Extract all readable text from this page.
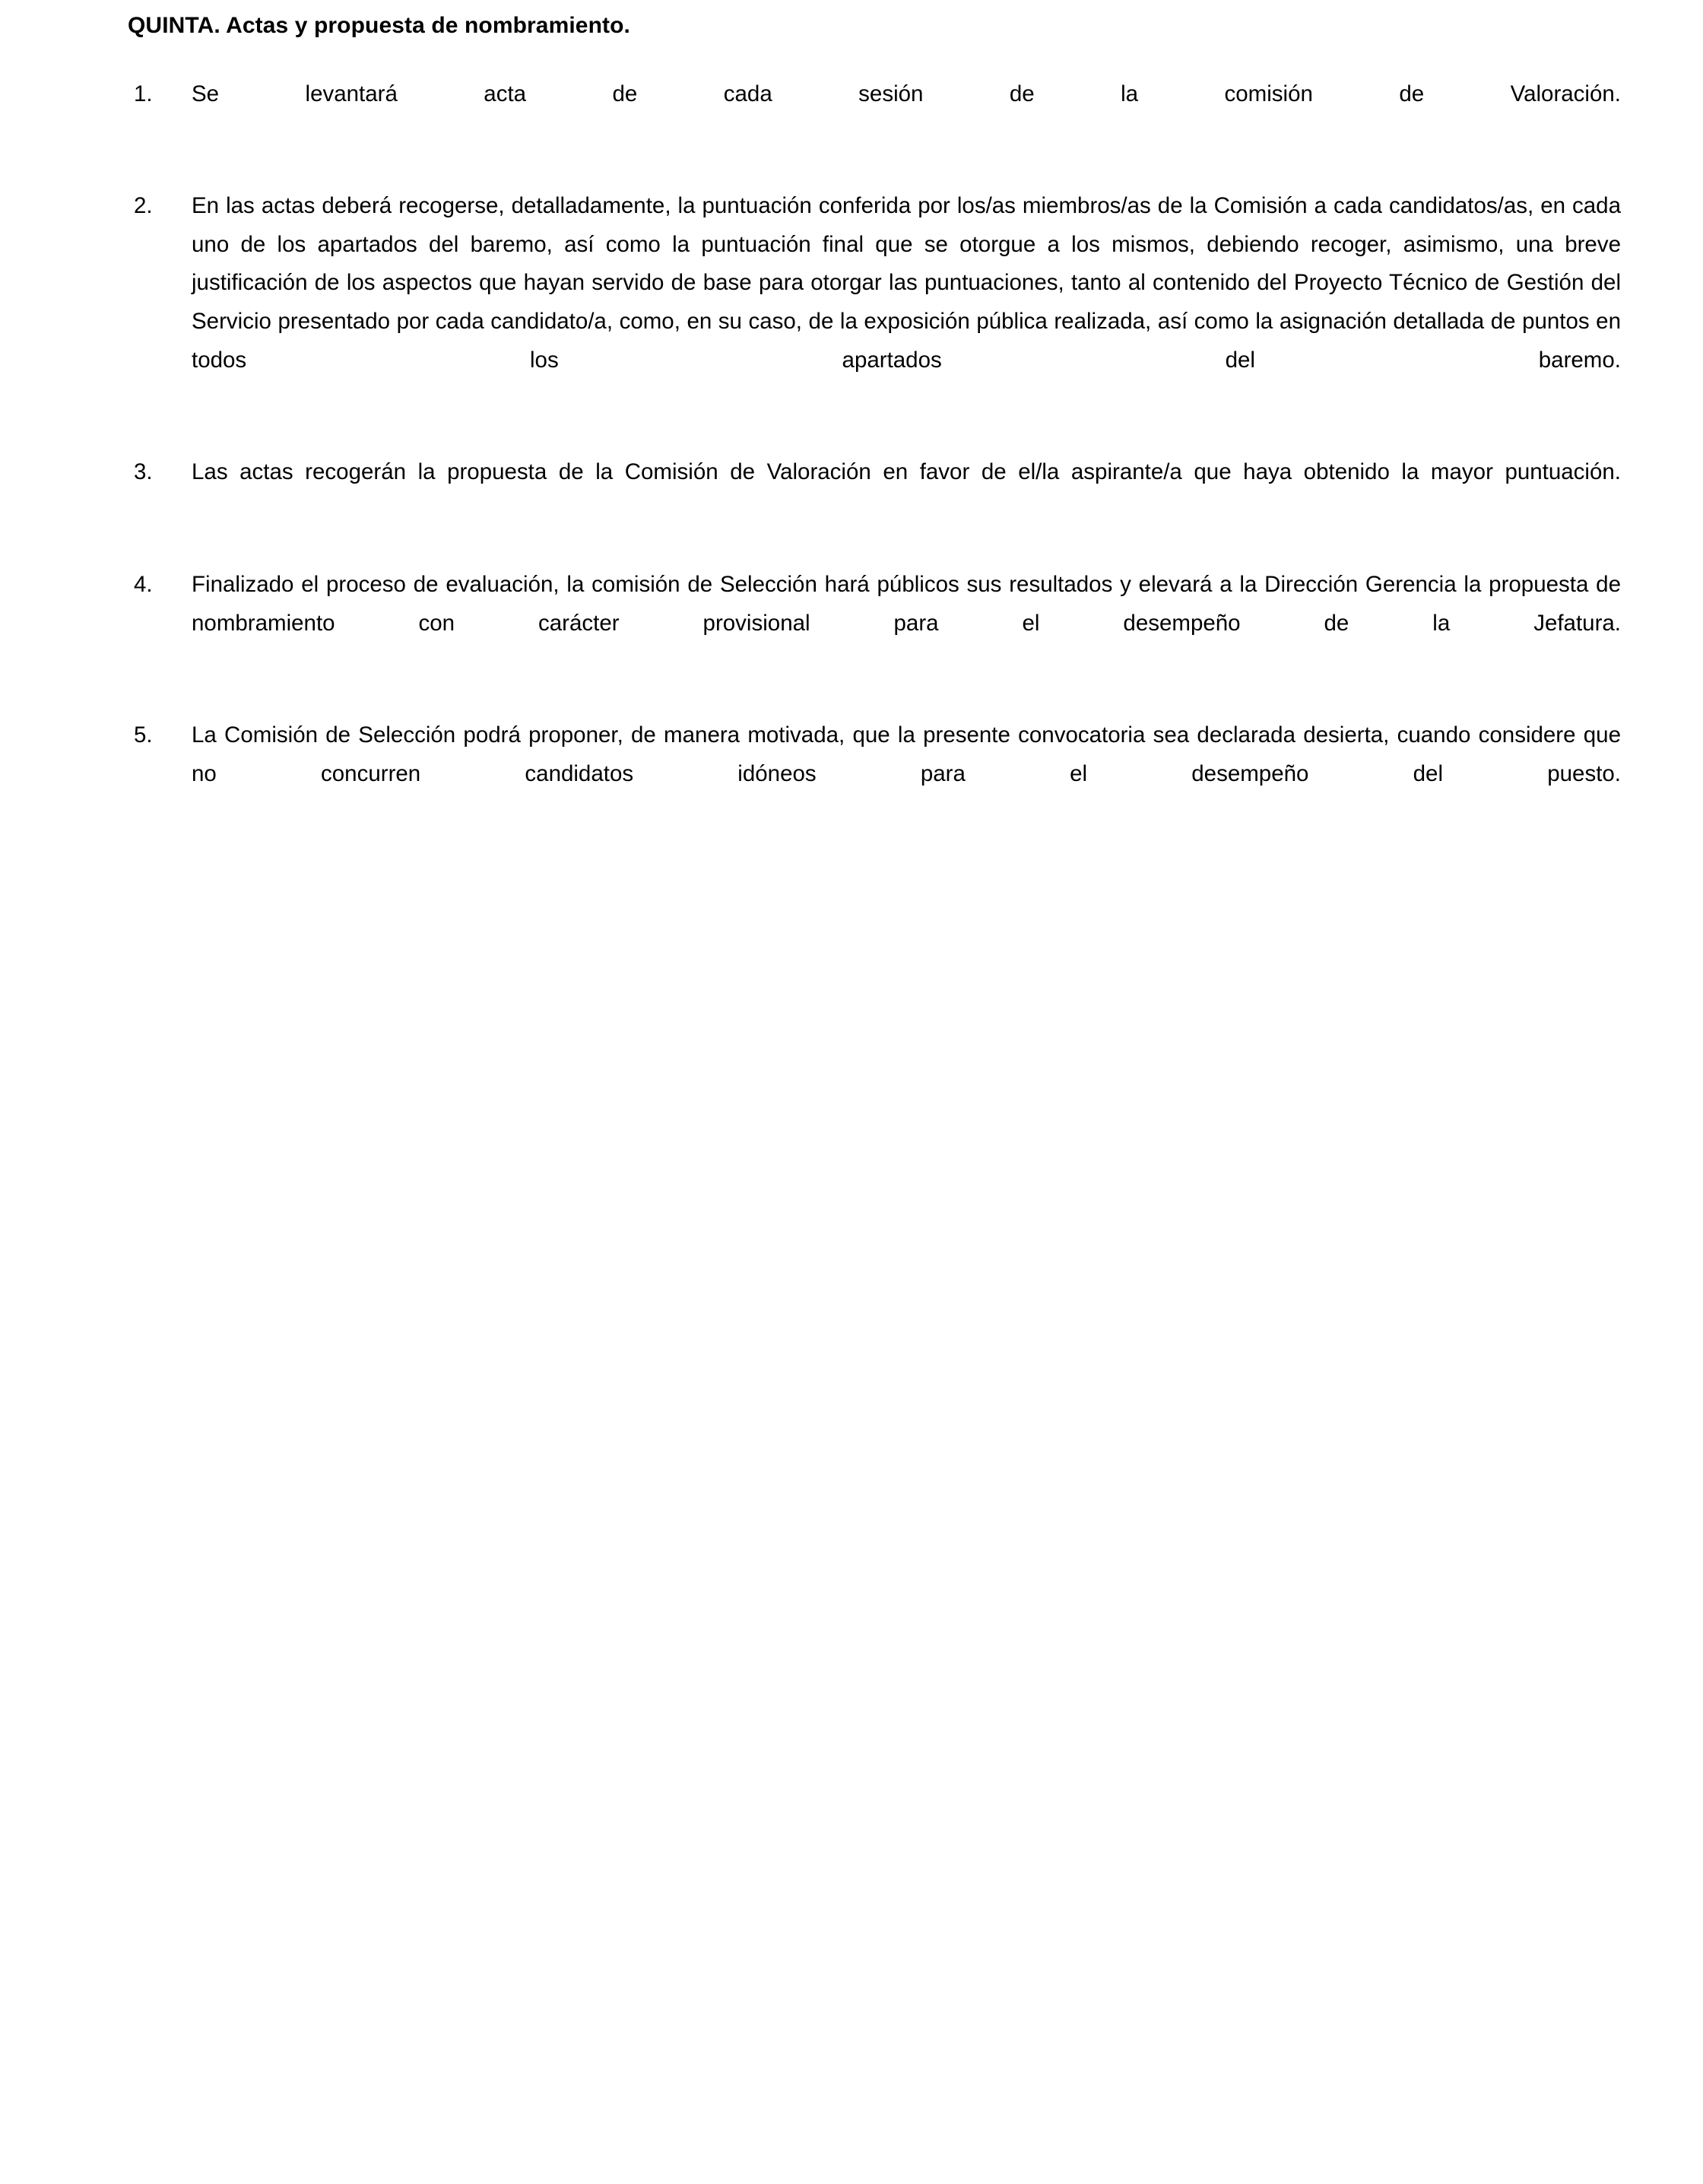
QUINTA. Actas y propuesta de nombramiento.
1.	Se levantará acta de cada sesión de la comisión de Valoración.
2.	En las actas deberá recogerse, detalladamente, la puntuación conferida por los/as miembros/as de la Comisión a cada candidatos/as, en cada uno de los apartados del baremo, así como la puntuación final que se otorgue a los mismos, debiendo recoger, asimismo, una breve justificación de los aspectos que hayan servido de base para otorgar las puntuaciones, tanto al contenido del Proyecto Técnico de Gestión del Servicio presentado por cada candidato/a, como, en su caso, de la exposición pública realizada, así como la asignación detallada de puntos en todos los apartados del baremo.
3.	Las actas recogerán la propuesta de la Comisión de Valoración en favor de el/la aspirante/a que haya obtenido la mayor puntuación.
4.	Finalizado el proceso de evaluación, la comisión de Selección hará públicos sus resultados y elevará a la Dirección Gerencia la propuesta de nombramiento con carácter provisional para el desempeño de la Jefatura.
5.	La Comisión de Selección podrá proponer, de manera motivada, que la presente convocatoria sea declarada desierta, cuando considere que no concurren candidatos idóneos para el desempeño del puesto.
